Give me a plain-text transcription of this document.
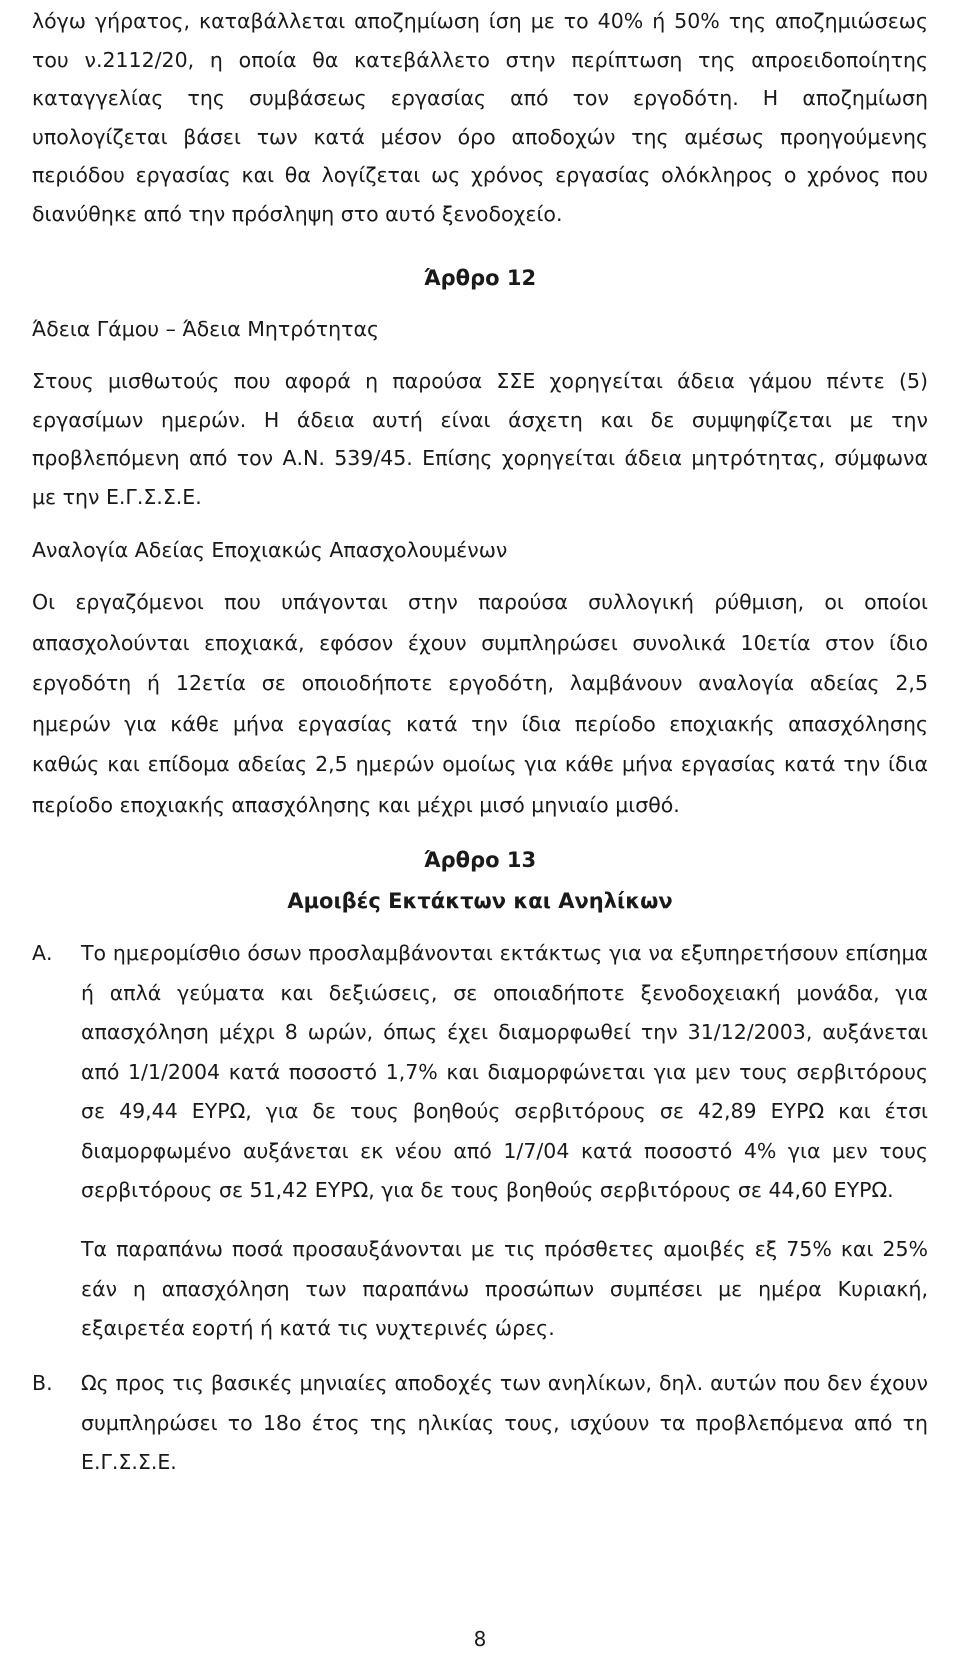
λόγω γήρατος, καταβάλλεται αποζημίωση ίση με το 40% ή 50% της αποζημιώσεως του ν.2112/20, η οποία θα κατεβάλλετο στην περίπτωση της απροειδοποίητης καταγγελίας της συμβάσεως εργασίας από τον εργοδότη. Η αποζημίωση υπολογίζεται βάσει των κατά μέσον όρο αποδοχών της αμέσως προηγούμενης περιόδου εργασίας και θα λογίζεται ως χρόνος εργασίας ολόκληρος ο χρόνος που διανύθηκε από την πρόσληψη στο αυτό ξενοδοχείο.

Άρθρο 12

Άδεια Γάμου – Άδεια Μητρότητας

Στους μισθωτούς που αφορά η παρούσα ΣΣΕ χορηγείται άδεια γάμου πέντε (5) εργασίμων ημερών. Η άδεια αυτή είναι άσχετη και δε συμψηφίζεται με την προβλεπόμενη από τον Α.Ν. 539/45. Επίσης χορηγείται άδεια μητρότητας, σύμφωνα με την Ε.Γ.Σ.Σ.Ε.

Αναλογία Αδείας Εποχιακώς Απασχολουμένων

Οι εργαζόμενοι που υπάγονται στην παρούσα συλλογική ρύθμιση, οι οποίοι απασχολούνται εποχιακά, εφόσον έχουν συμπληρώσει συνολικά 10ετία στον ίδιο εργοδότη ή 12ετία σε οποιοδήποτε εργοδότη, λαμβάνουν αναλογία αδείας 2,5 ημερών για κάθε μήνα εργασίας κατά την ίδια περίοδο εποχιακής απασχόλησης καθώς και επίδομα αδείας 2,5 ημερών ομοίως για κάθε μήνα εργασίας κατά την ίδια περίοδο εποχιακής απασχόλησης και μέχρι μισό μηνιαίο μισθό.

Άρθρο 13

Αμοιβές Εκτάκτων και Ανηλίκων

Α.	Το ημερομίσθιο όσων προσλαμβάνονται εκτάκτως για να εξυπηρετήσουν επίσημα ή απλά γεύματα και δεξιώσεις, σε οποιαδήποτε ξενοδοχειακή μονάδα, για απασχόληση μέχρι 8 ωρών, όπως έχει διαμορφωθεί την 31/12/2003, αυξάνεται από 1/1/2004 κατά ποσοστό 1,7% και διαμορφώνεται για μεν τους σερβιτόρους σε 49,44 ΕΥΡΩ, για δε τους βοηθούς σερβιτόρους σε 42,89 ΕΥΡΩ και έτσι διαμορφωμένο αυξάνεται εκ νέου από 1/7/04 κατά ποσοστό 4% για μεν τους σερβιτόρους σε 51,42 ΕΥΡΩ, για δε τους βοηθούς σερβιτόρους σε 44,60 ΕΥΡΩ.
Τα παραπάνω ποσά προσαυξάνονται με τις πρόσθετες αμοιβές εξ 75% και 25% εάν η απασχόληση των παραπάνω προσώπων συμπέσει με ημέρα Κυριακή, εξαιρετέα εορτή ή κατά τις νυχτερινές ώρες.
Β.	Ως προς τις βασικές μηνιαίες αποδοχές των ανηλίκων, δηλ. αυτών που δεν έχουν συμπληρώσει το 18ο έτος της ηλικίας τους, ισχύουν τα προβλεπόμενα από τη Ε.Γ.Σ.Σ.Ε.
8
